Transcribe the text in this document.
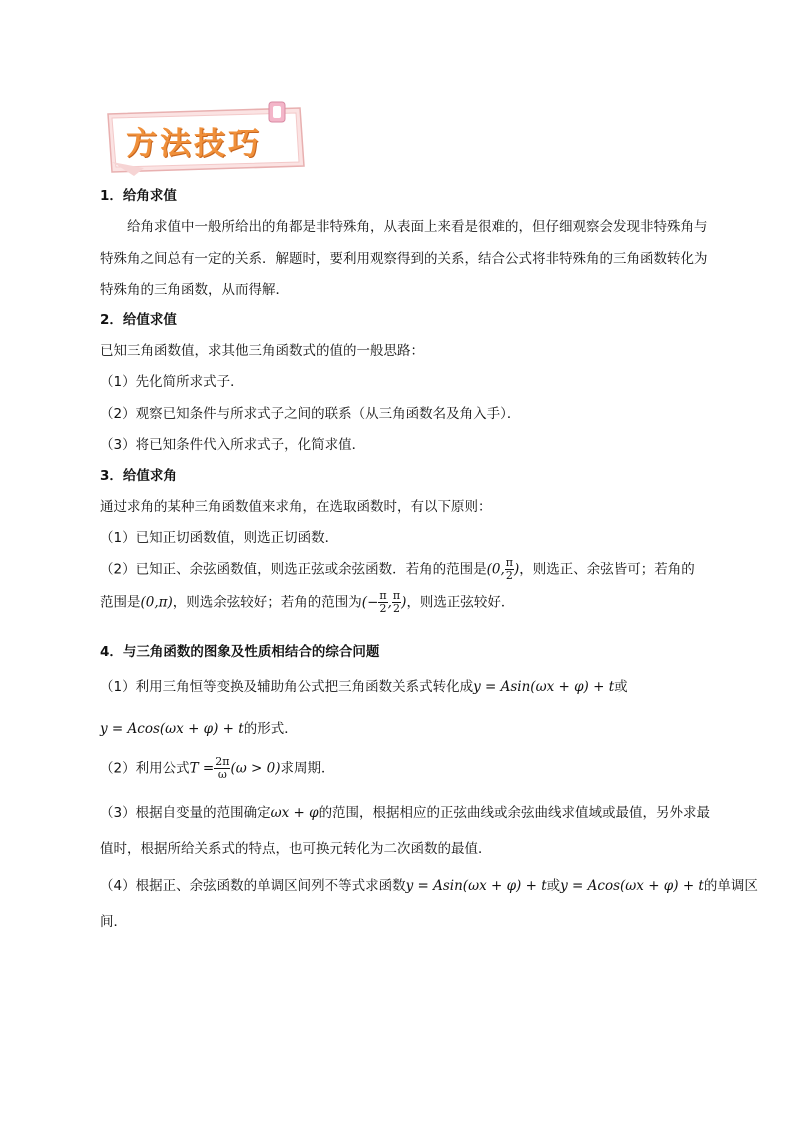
方法技巧

1．给角求值

给角求值中一般所给出的角都是非特殊角，从表面上来看是很难的，但仔细观察会发现非特殊角与特殊角之间总有一定的关系．解题时，要利用观察得到的关系，结合公式将非特殊角的三角函数转化为特殊角的三角函数，从而得解．

2．给值求值

已知三角函数值，求其他三角函数式的值的一般思路：

（1）先化简所求式子．

（2）观察已知条件与所求式子之间的联系（从三角函数名及角入手）．

（3）将已知条件代入所求式子，化简求值．

3．给值求角

通过求角的某种三角函数值来求角，在选取函数时，有以下原则：

（1）已知正切函数值，则选正切函数．

（2）已知正、余弦函数值，则选正弦或余弦函数．若角的范围是(0, $\frac{\pi}{2}$ )，则选正、余弦皆可；若角的

范围是(0,π)，则选余弦较好；若角的范围为(− $\frac{\pi}{2}$ , $\frac{\pi}{2}$ )，则选正弦较好．

4．与三角函数的图象及性质相结合的综合问题

（1）利用三角恒等变换及辅助角公式把三角函数关系式转化成y = Asin(ωx + φ) + t或

y = Acos(ωx + φ) + t的形式．

（2）利用公式$T = \frac{2\pi}{\omega} (\omega > 0)$求周期．

（3）根据自变量的范围确定ωx + φ的范围，根据相应的正弦曲线或余弦曲线求值域或最值，另外求最

值时，根据所给关系式的特点，也可换元转化为二次函数的最值．

（4）根据正、余弦函数的单调区间列不等式求函数y = Asin(ωx + φ) + t或y = Acos(ωx + φ) + t的单调区

间．
